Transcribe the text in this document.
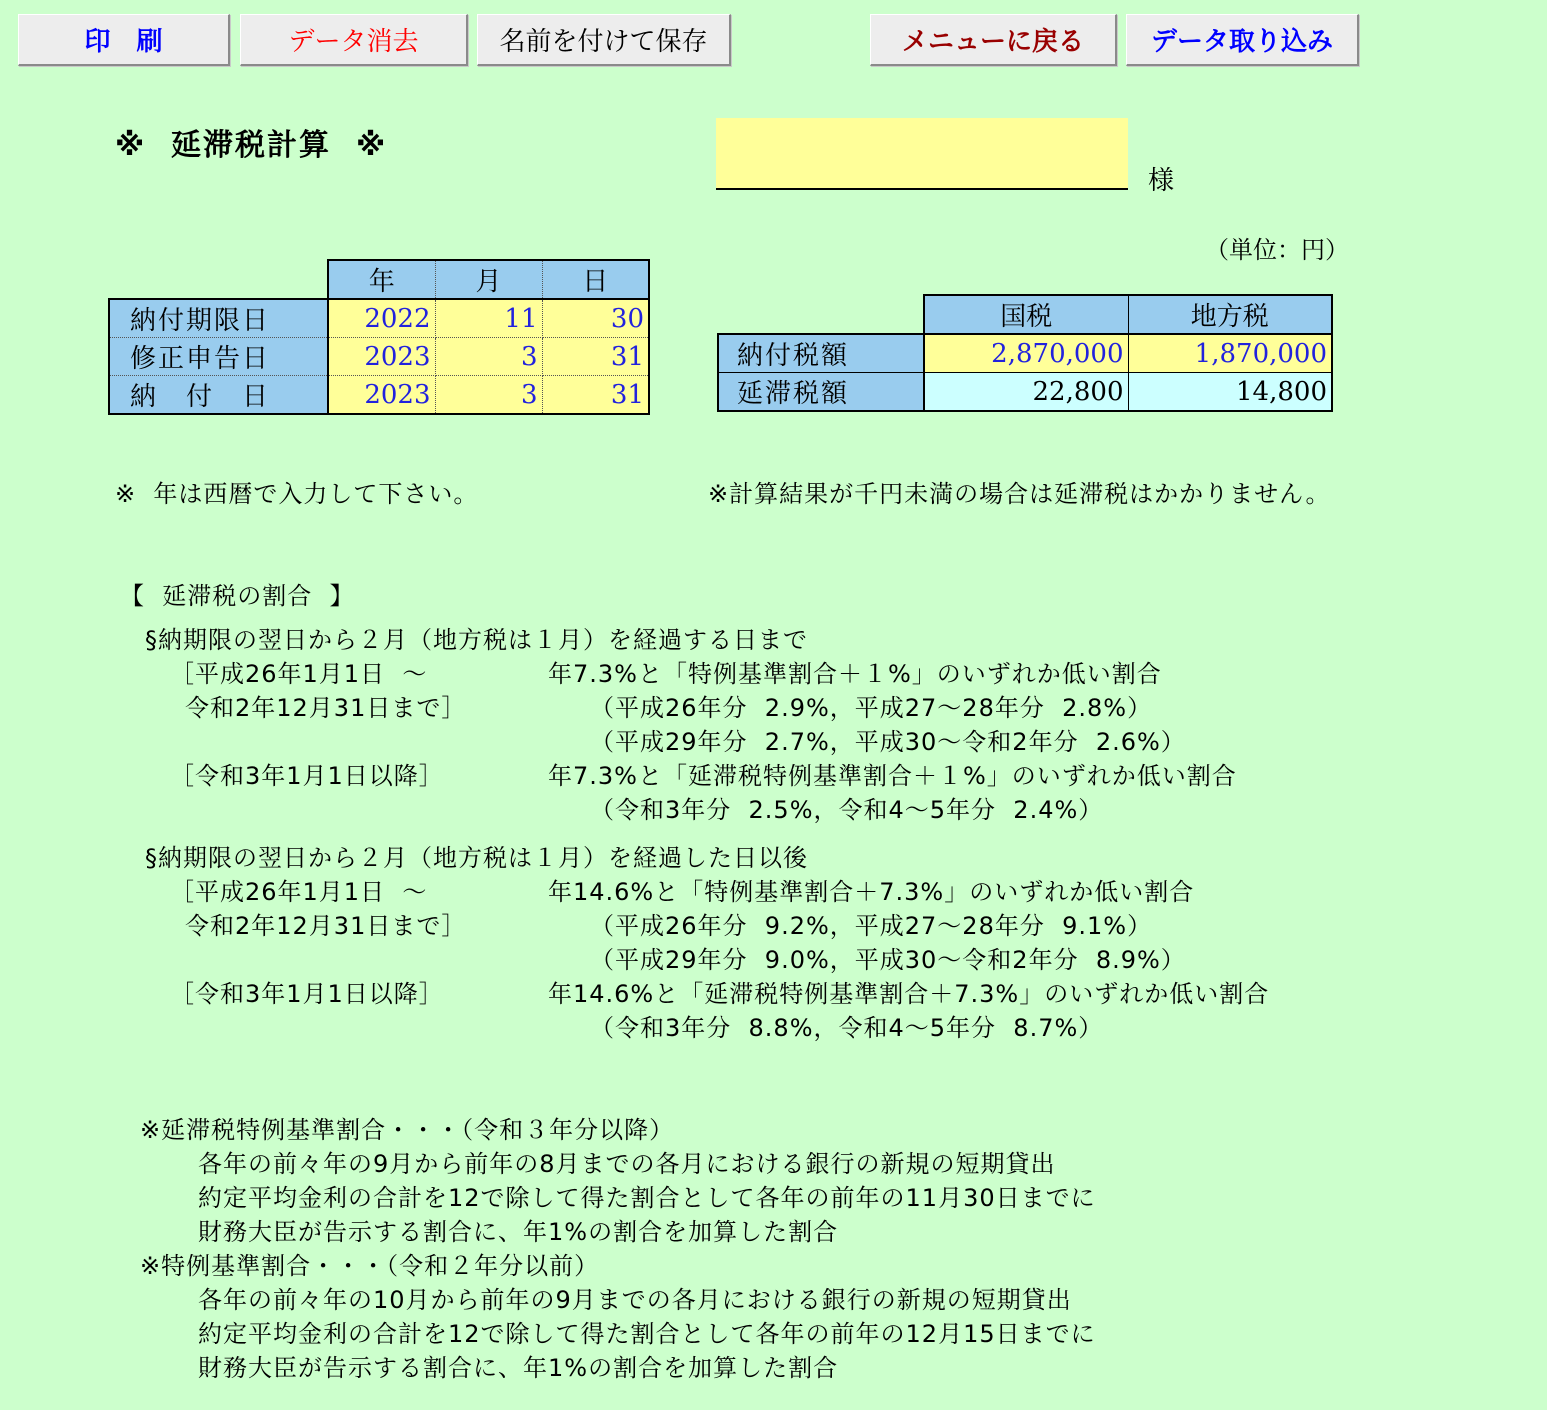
印　刷	データ消去	名前を付けて保存	メニューに戻る	データ取り込み
※  延滞税計算  ※
様
（単位：円）
	年	月	日
納付期限日	2022	11	30
修正申告日	2023	3	31
納　付　日	2023	3	31
	国税	地方税
納付税額	2,870,000	1,870,000
延滞税額	22,800	14,800
※  年は西暦で入力して下さい。	※計算結果が千円未満の場合は延滞税はかかりません。
【  延滞税の割合  】
§納期限の翌日から２月（地方税は１月）を経過する日まで
［平成26年1月1日  ～	年7.3%と「特例基準割合＋１%」のいずれか低い割合
令和2年12月31日まで］	（平成26年分  2.9%，平成27～28年分  2.8%）
（平成29年分  2.7%，平成30～令和2年分  2.6%）
［令和3年1月1日以降］	年7.3%と「延滞税特例基準割合＋１%」のいずれか低い割合
（令和3年分  2.5%，令和4～5年分  2.4%）
§納期限の翌日から２月（地方税は１月）を経過した日以後
［平成26年1月1日  ～	年14.6%と「特例基準割合＋7.3%」のいずれか低い割合
令和2年12月31日まで］	（平成26年分  9.2%，平成27～28年分  9.1%）
（平成29年分  9.0%，平成30～令和2年分  8.9%）
［令和3年1月1日以降］	年14.6%と「延滞税特例基準割合＋7.3%」のいずれか低い割合
（令和3年分  8.8%，令和4～5年分  8.7%）
※延滞税特例基準割合・・・（令和３年分以降）
各年の前々年の9月から前年の8月までの各月における銀行の新規の短期貸出
約定平均金利の合計を12で除して得た割合として各年の前年の11月30日までに
財務大臣が告示する割合に、年1%の割合を加算した割合
※特例基準割合・・・（令和２年分以前）
各年の前々年の10月から前年の9月までの各月における銀行の新規の短期貸出
約定平均金利の合計を12で除して得た割合として各年の前年の12月15日までに
財務大臣が告示する割合に、年1%の割合を加算した割合
